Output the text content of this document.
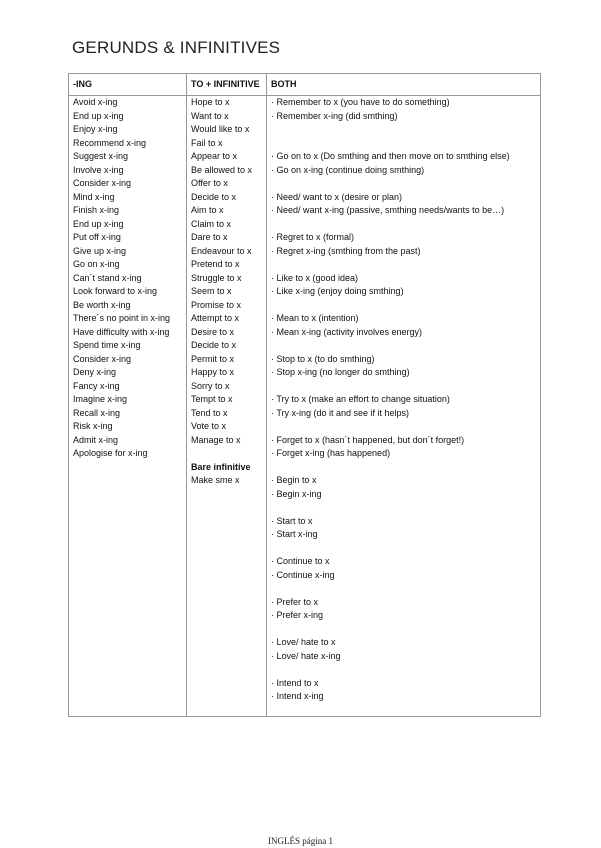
GERUNDS & INFINITIVES
-ING
Avoid x-ing
End up x-ing
Enjoy x-ing
Recommend x-ing
Suggest x-ing
Involve x-ing
Consider x-ing
Mind x-ing
Finish x-ing
End up x-ing
Put off x-ing
Give up x-ing
Go on x-ing
Can´t stand x-ing
Look forward to x-ing
Be worth x-ing
There´s no point in x-ing
Have difficulty with x-ing
Spend time x-ing
Consider x-ing
Deny x-ing
Fancy x-ing
Imagine x-ing
Recall x-ing
Risk x-ing
Admit x-ing
Apologise for x-ing
TO + INFINITIVE
Hope to x
Want to x
Would like to x
Fail to x
Appear to x
Be allowed to x
Offer to x
Decide to x
Aim to x
Claim to x
Dare to x
Endeavour to x
Pretend to x
Struggle to x
Seem to x
Promise to x
Attempt to x
Desire to x
Decide to x
Permit to x
Happy to x
Sorry to x
Tempt to x
Tend to x
Vote to x
Manage to x
Bare infinitive
Make sme x
BOTH
· Remember to x (you have to do something)
· Remember x-ing (did smthing)
· Go on to x (Do smthing and then move on to smthing else)
· Go on x-ing (continue doing smthing)
· Need/ want to x (desire or plan)
· Need/ want x-ing (passive, smthing needs/wants to be…)
· Regret to x (formal)
· Regret x-ing (smthing from the past)
· Like to x (good idea)
· Like x-ing (enjoy doing smthing)
· Mean to x (intention)
· Mean x-ing (activity involves energy)
· Stop to x (to do smthing)
· Stop x-ing (no longer do smthing)
· Try to x (make an effort to change situation)
· Try x-ing (do it and see if it helps)
· Forget to x (hasn´t happened, but don´t forget!)
· Forget x-ing (has happened)
· Begin to x
· Begin x-ing
· Start to x
· Start x-ing
· Continue to x
· Continue x-ing
· Prefer to x
· Prefer x-ing
· Love/ hate to x
· Love/ hate x-ing
· Intend to x
· Intend x-ing
INGLÉS página 1
